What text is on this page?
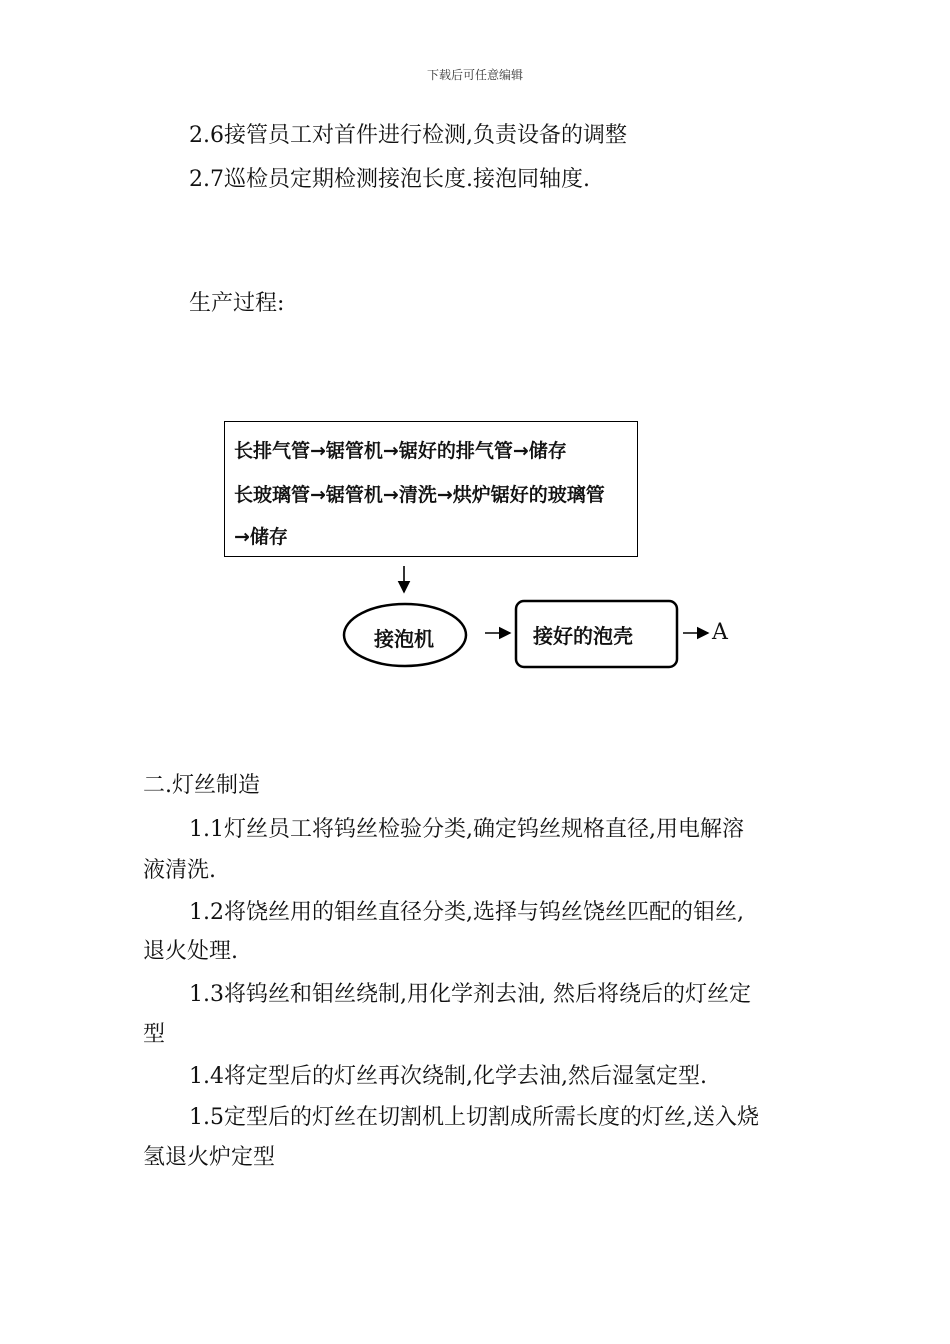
下载后可任意编辑
2.6接管员工对首件进行检测,负责设备的调整
2.7巡检员定期检测接泡长度.接泡同轴度.
生产过程:
长排气管→锯管机→锯好的排气管→储存
长玻璃管→锯管机→清洗→烘炉锯好的玻璃管
→储存
接泡机	接好的泡壳	A
二.灯丝制造
1.1灯丝员工将钨丝检验分类,确定钨丝规格直径,用电解溶
液清洗.
1.2将饶丝用的钼丝直径分类,选择与钨丝饶丝匹配的钼丝,
退火处理.
1.3将钨丝和钼丝绕制,用化学剂去油, 然后将绕后的灯丝定
型
1.4将定型后的灯丝再次绕制,化学去油,然后湿氢定型.
1.5定型后的灯丝在切割机上切割成所需长度的灯丝,送入烧
氢退火炉定型
